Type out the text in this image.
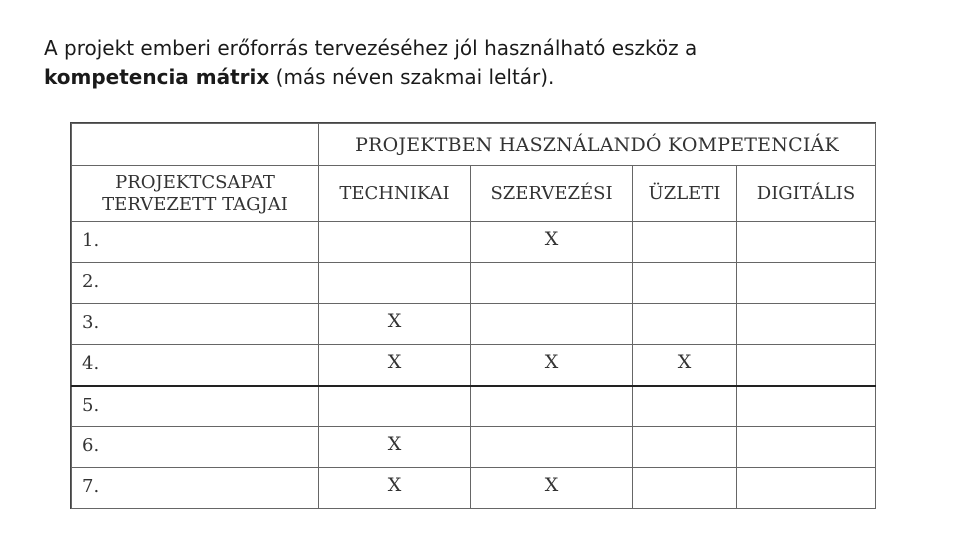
A projekt emberi erőforrás tervezéséhez jól használható eszköz a
kompetencia mátrix (más néven szakmai leltár).
	PROJEKTBEN HASZNÁLANDÓ KOMPETENCIÁK			
PROJEKTCSAPAT
TERVEZETT TAGJAI	TECHNIKAI	SZERVEZÉSI	ÜZLETI	DIGITÁLIS
1.		X		
2.				
3.	X			
4.	X	X	X	
5.				
6.	X			
7.	X	X		
